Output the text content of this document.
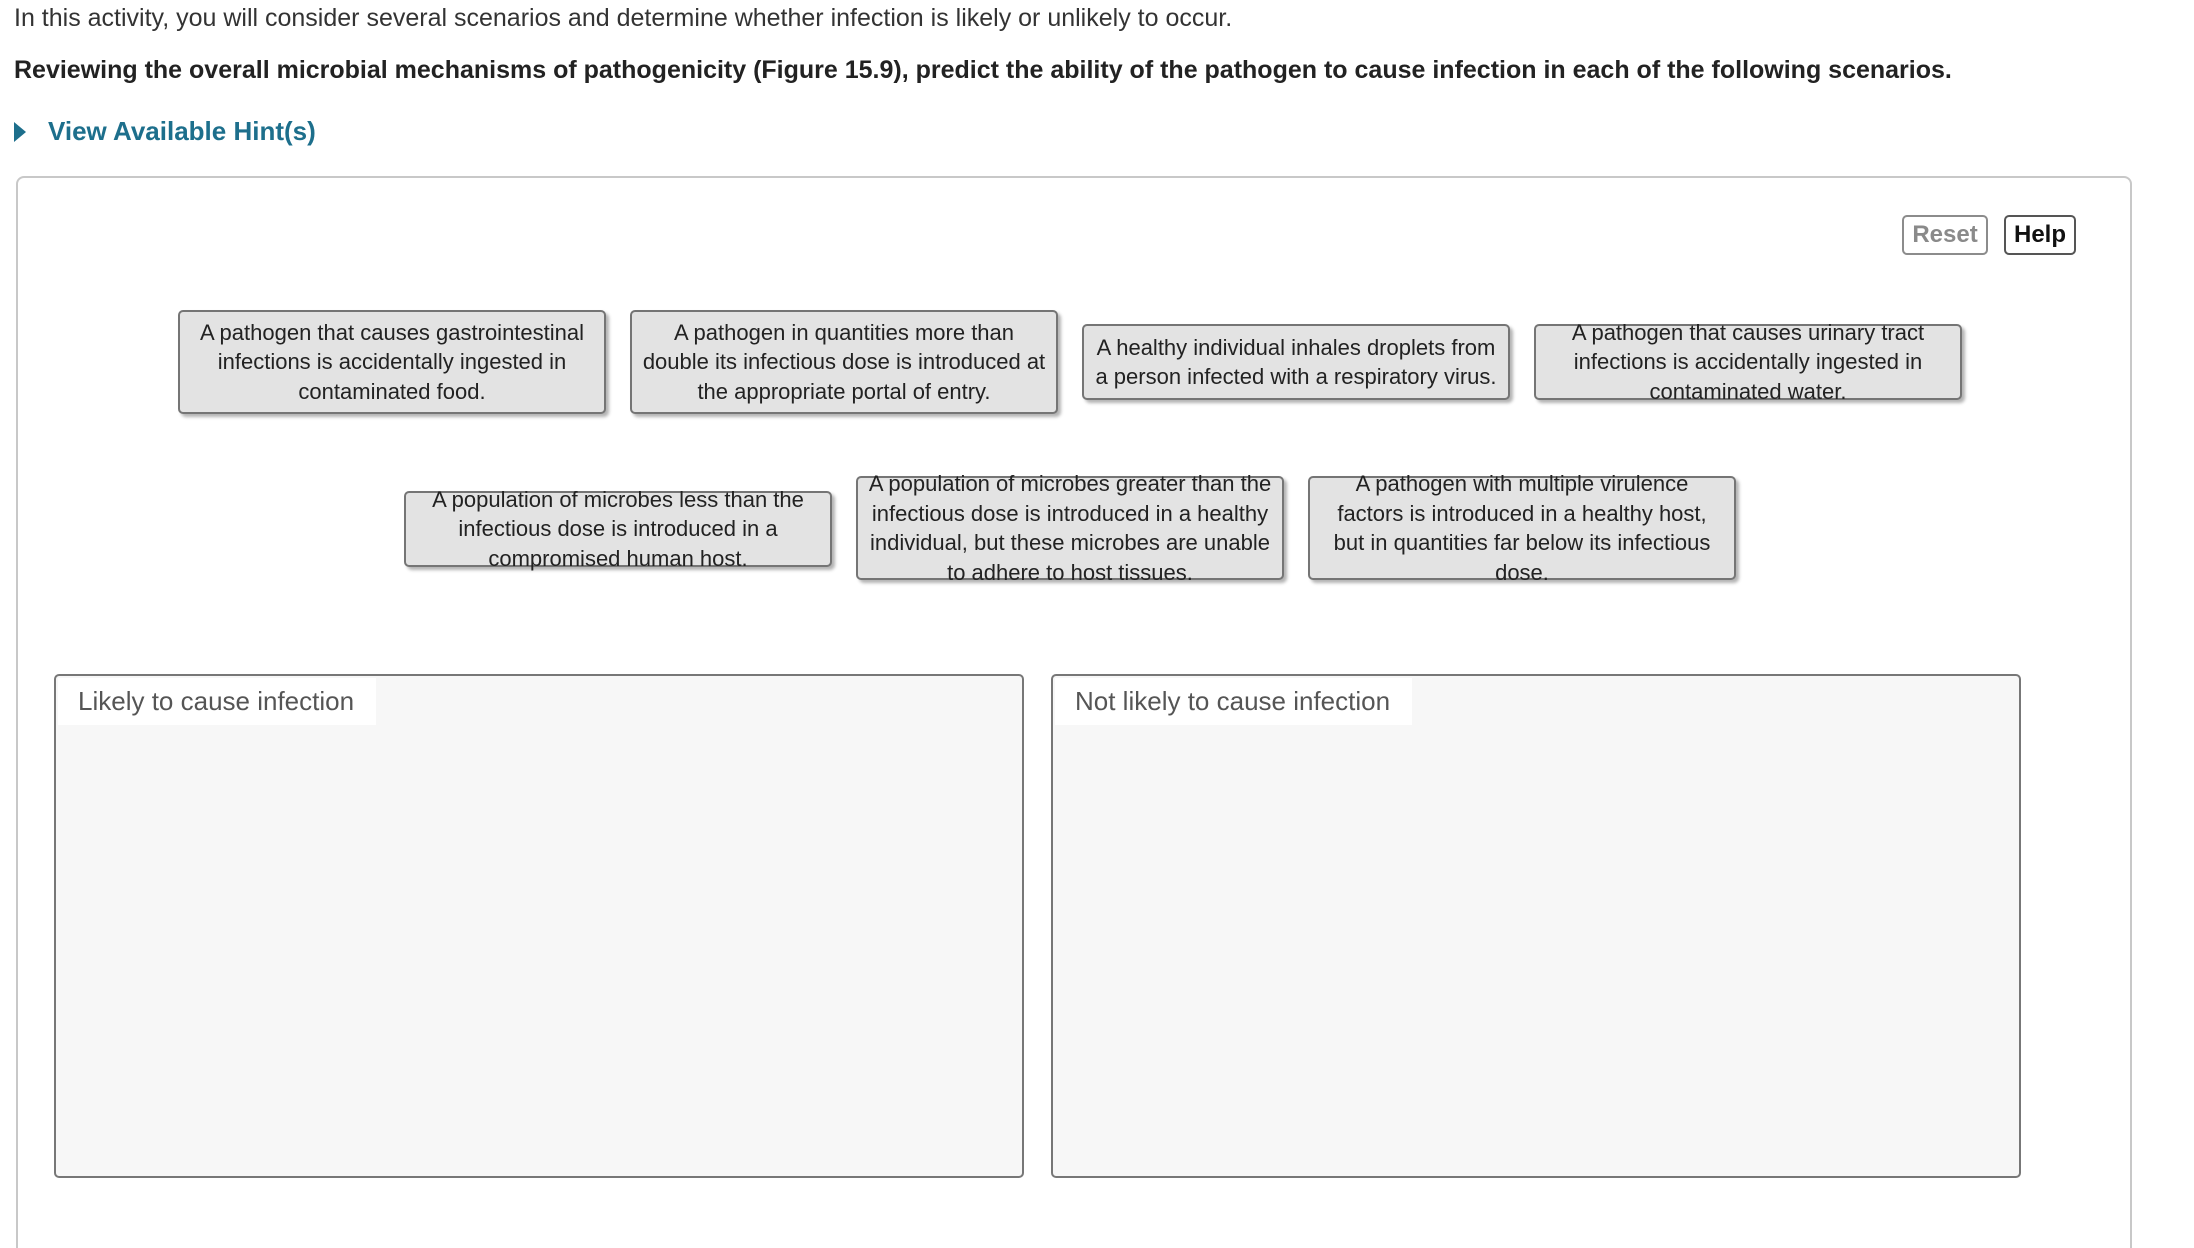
In this activity, you will consider several scenarios and determine whether infection is likely or unlikely to occur.
Reviewing the overall microbial mechanisms of pathogenicity (Figure 15.9), predict the ability of the pathogen to cause infection in each of the following scenarios.
View Available Hint(s)
Reset	Help
A pathogen that causes gastrointestinal infections is accidentally ingested in contaminated food.
A pathogen in quantities more than double its infectious dose is introduced at the appropriate portal of entry.
A healthy individual inhales droplets from a person infected with a respiratory virus.
A pathogen that causes urinary tract infections is accidentally ingested in contaminated water.
A population of microbes less than the infectious dose is introduced in a compromised human host.
A population of microbes greater than the infectious dose is introduced in a healthy individual, but these microbes are unable to adhere to host tissues.
A pathogen with multiple virulence factors is introduced in a healthy host, but in quantities far below its infectious dose.
Likely to cause infection	Not likely to cause infection
